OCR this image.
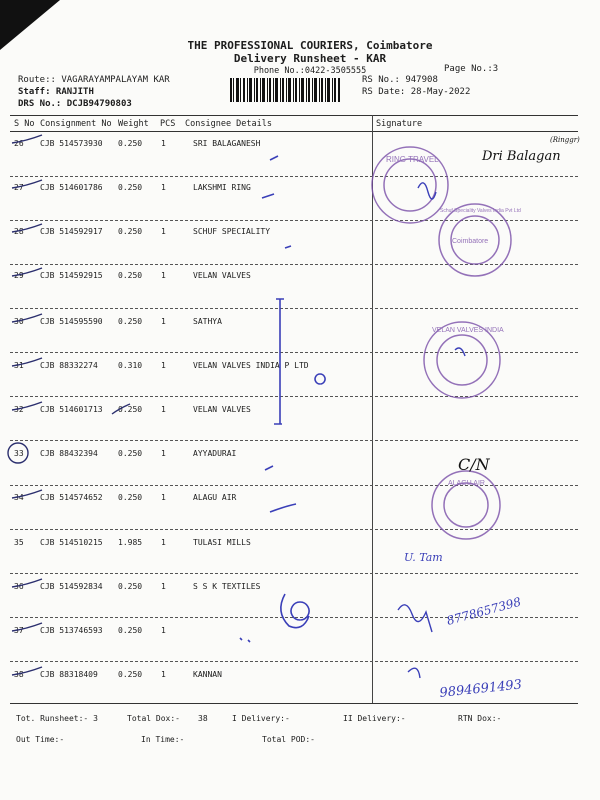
THE PROFESSIONAL COURIERS, Coimbatore
Delivery Runsheet - KAR
Phone No.:0422-3505555	Page No.:3
Route:: VAGARAYAMPALAYAM KAR
Staff: RANJITH
DRS No.: DCJB94790803
RS No.: 947908
RS Date: 28-May-2022
S No Consignment No Weight PCS Consignee Details	Signature
26 CJB 514573930 0.250 1	SRI BALAGANESH
27 CJB 514601786 0.250 1	LAKSHMI RING
28 CJB 514592917 0.250 1	SCHUF SPECIALITY
29 CJB 514592915 0.250 1	VELAN VALVES
30 CJB 514595590 0.250 1	SATHYA
31 CJB 88332274	0.310 1	VELAN VALVES INDIA P LTD
32 CJB 514601713 0.250 1	VELAN VALVES
33 CJB 88432394	0.250 1	AYYADURAI
34 CJB 514574652 0.250 1	ALAGU AIR
35 CJB 514510215 1.985 1	TULASI MILLS
36 CJB 514592834 0.250 1	S S K TEXTILES
37 CJB 513746593 0.250 1
38 CJB 88318409	0.250 1	KANNAN
Tot. Runsheet:- 3	Total Dox:- 38	I Delivery:-	II Delivery:-	RTN Dox:-
Out Time:-	In Time:-	Total POD:-
RING TRAVEL
Coimbatore
Schuf Speciality Valves India Pvt Ltd
VELAN VALVES INDIA
ALAGU AIR
Dri Balagan
(Ringgr)
C/N
U. Tam
8778657398
9894691493
